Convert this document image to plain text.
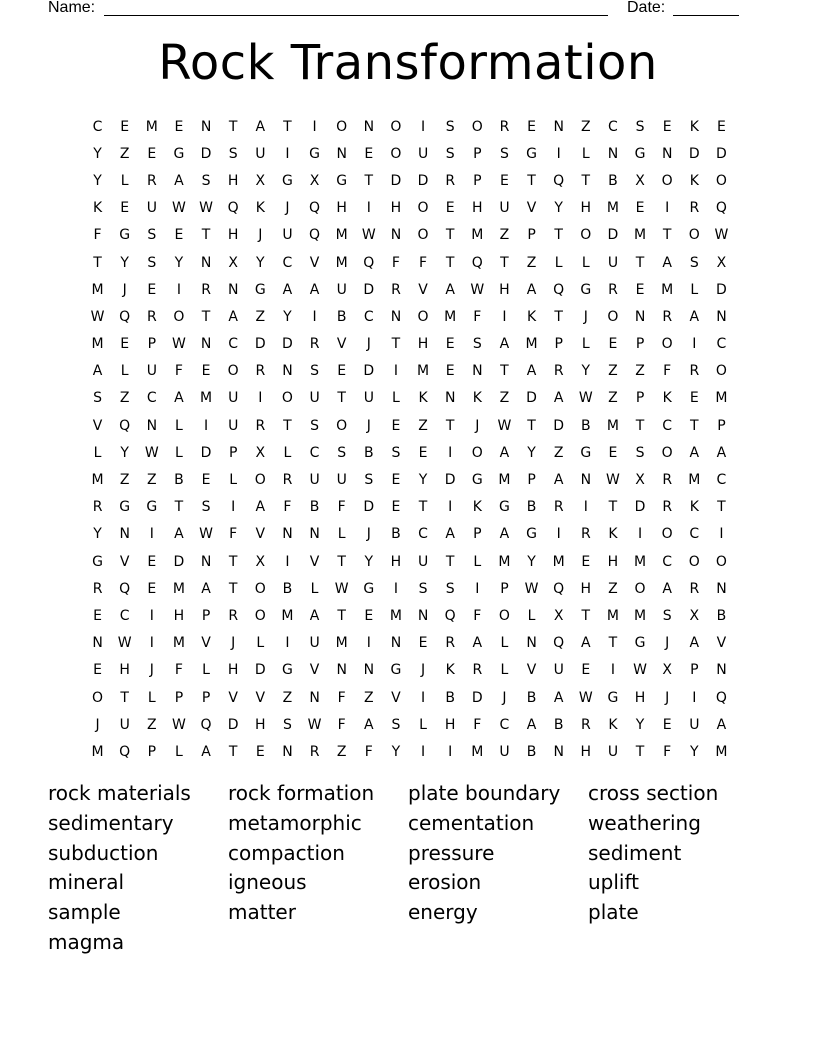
Name:	Date:
Rock Transformation
C	E	M	E	N	T	A	T	I	O	N	O	I	S	O	R	E	N	Z	C	S	E	K	E
Y	Z	E	G	D	S	U	I	G	N	E	O	U	S	P	S	G	I	L	N	G	N	D	D
Y	L	R	A	S	H	X	G	X	G	T	D	D	R	P	E	T	Q	T	B	X	O	K	O
K	E	U	W W	Q	K	J	Q	H	I	H	O	E	H	U	V	Y	H	M	E	I	R	Q
F	G	S	E	T	H	J	U	Q	M	W	N	O	T	M	Z	P	T	O	D	M	T	O	W
T	Y	S	Y	N	X	Y	C	V	M	Q	F	F	T	Q	T	Z	L	L	U	T	A	S	X
M	J	E	I	R	N	G	A	A	U	D	R	V	A	W	H	A	Q	G	R	E	M	L	D
W	Q	R	O	T	A	Z	Y	I	B	C	N	O	M	F	I	K	T	J	O	N	R	A	N
M	E	P	W	N	C	D	D	R	V	J	T	H	E	S	A	M	P	L	E	P	O	I	C
A	L	U	F	E	O	R	N	S	E	D	I	M	E	N	T	A	R	Y	Z	Z	F	R	O
S	Z	C	A	M	U	I	O	U	T	U	L	K	N	K	Z	D	A	W	Z	P	K	E	M
V	Q	N	L	I	U	R	T	S	O	J	E	Z	T	J	W	T	D	B	M	T	C	T	P
L	Y	W	L	D	P	X	L	C	S	B	S	E	I	O	A	Y	Z	G	E	S	O	A	A
M	Z	Z	B	E	L	O	R	U	U	S	E	Y	D	G	M	P	A	N	W	X	R	M	C
R	G	G	T	S	I	A	F	B	F	D	E	T	I	K	G	B	R	I	T	D	R	K	T
Y	N	I	A	W	F	V	N	N	L	J	B	C	A	P	A	G	I	R	K	I	O	C	I
G	V	E	D	N	T	X	I	V	T	Y	H	U	T	L	M	Y	M	E	H	M	C	O	O
R	Q	E	M	A	T	O	B	L	W	G	I	S	S	I	P	W	Q	H	Z	O	A	R	N
E	C	I	H	P	R	O	M	A	T	E	M	N	Q	F	O	L	X	T	M	M	S	X	B
N	W	I	M	V	J	L	I	U	M	I	N	E	R	A	L	N	Q	A	T	G	J	A	V
E	H	J	F	L	H	D	G	V	N	N	G	J	K	R	L	V	U	E	I	W	X	P	N
O	T	L	P	P	V	V	Z	N	F	Z	V	I	B	D	J	B	A	W	G	H	J	I	Q
J	U	Z	W	Q	D	H	S	W	F	A	S	L	H	F	C	A	B	R	K	Y	E	U	A
M	Q	P	L	A	T	E	N	R	Z	F	Y	I	I	M	U	B	N	H	U	T	F	Y	M
rock materials	rock formation	plate boundary	cross section
sedimentary	metamorphic	cementation	weathering
subduction	compaction	pressure	sediment
mineral	igneous	erosion	uplift
sample	matter	energy	plate
magma
